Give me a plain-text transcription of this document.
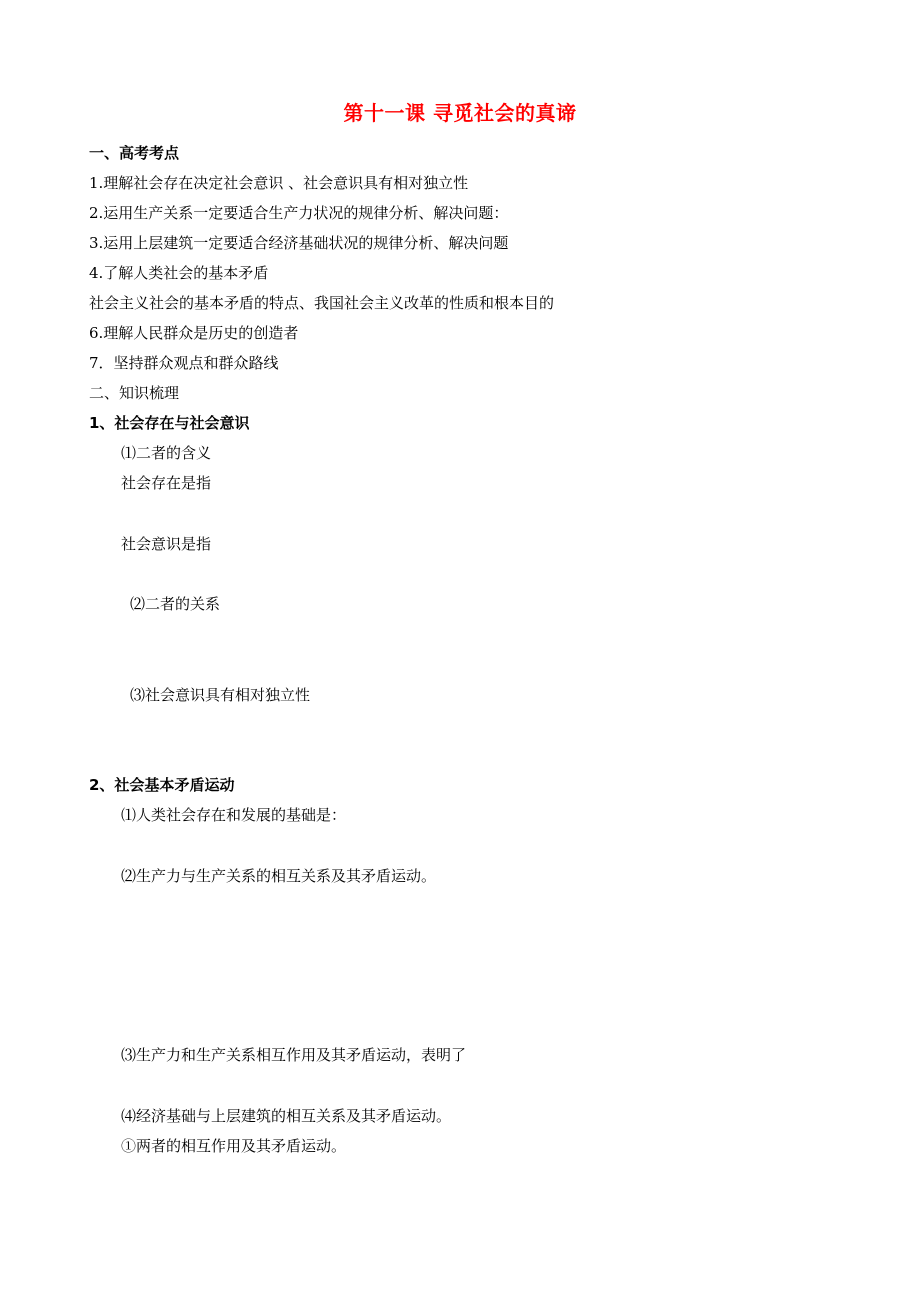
第十一课 寻觅社会的真谛
一、高考考点
1.理解社会存在决定社会意识 、社会意识具有相对独立性
2.运用生产关系一定要适合生产力状况的规律分析、解决问题：
3.运用上层建筑一定要适合经济基础状况的规律分析、解决问题
4.了解人类社会的基本矛盾
社会主义社会的基本矛盾的特点、我国社会主义改革的性质和根本目的
6.理解人民群众是历史的创造者
7．坚持群众观点和群众路线
二、知识梳理
1、社会存在与社会意识
⑴二者的含义
社会存在是指
社会意识是指
⑵二者的关系
⑶社会意识具有相对独立性
2、社会基本矛盾运动
⑴人类社会存在和发展的基础是：
⑵生产力与生产关系的相互关系及其矛盾运动。
⑶生产力和生产关系相互作用及其矛盾运动，表明了
⑷经济基础与上层建筑的相互关系及其矛盾运动。
①两者的相互作用及其矛盾运动。
